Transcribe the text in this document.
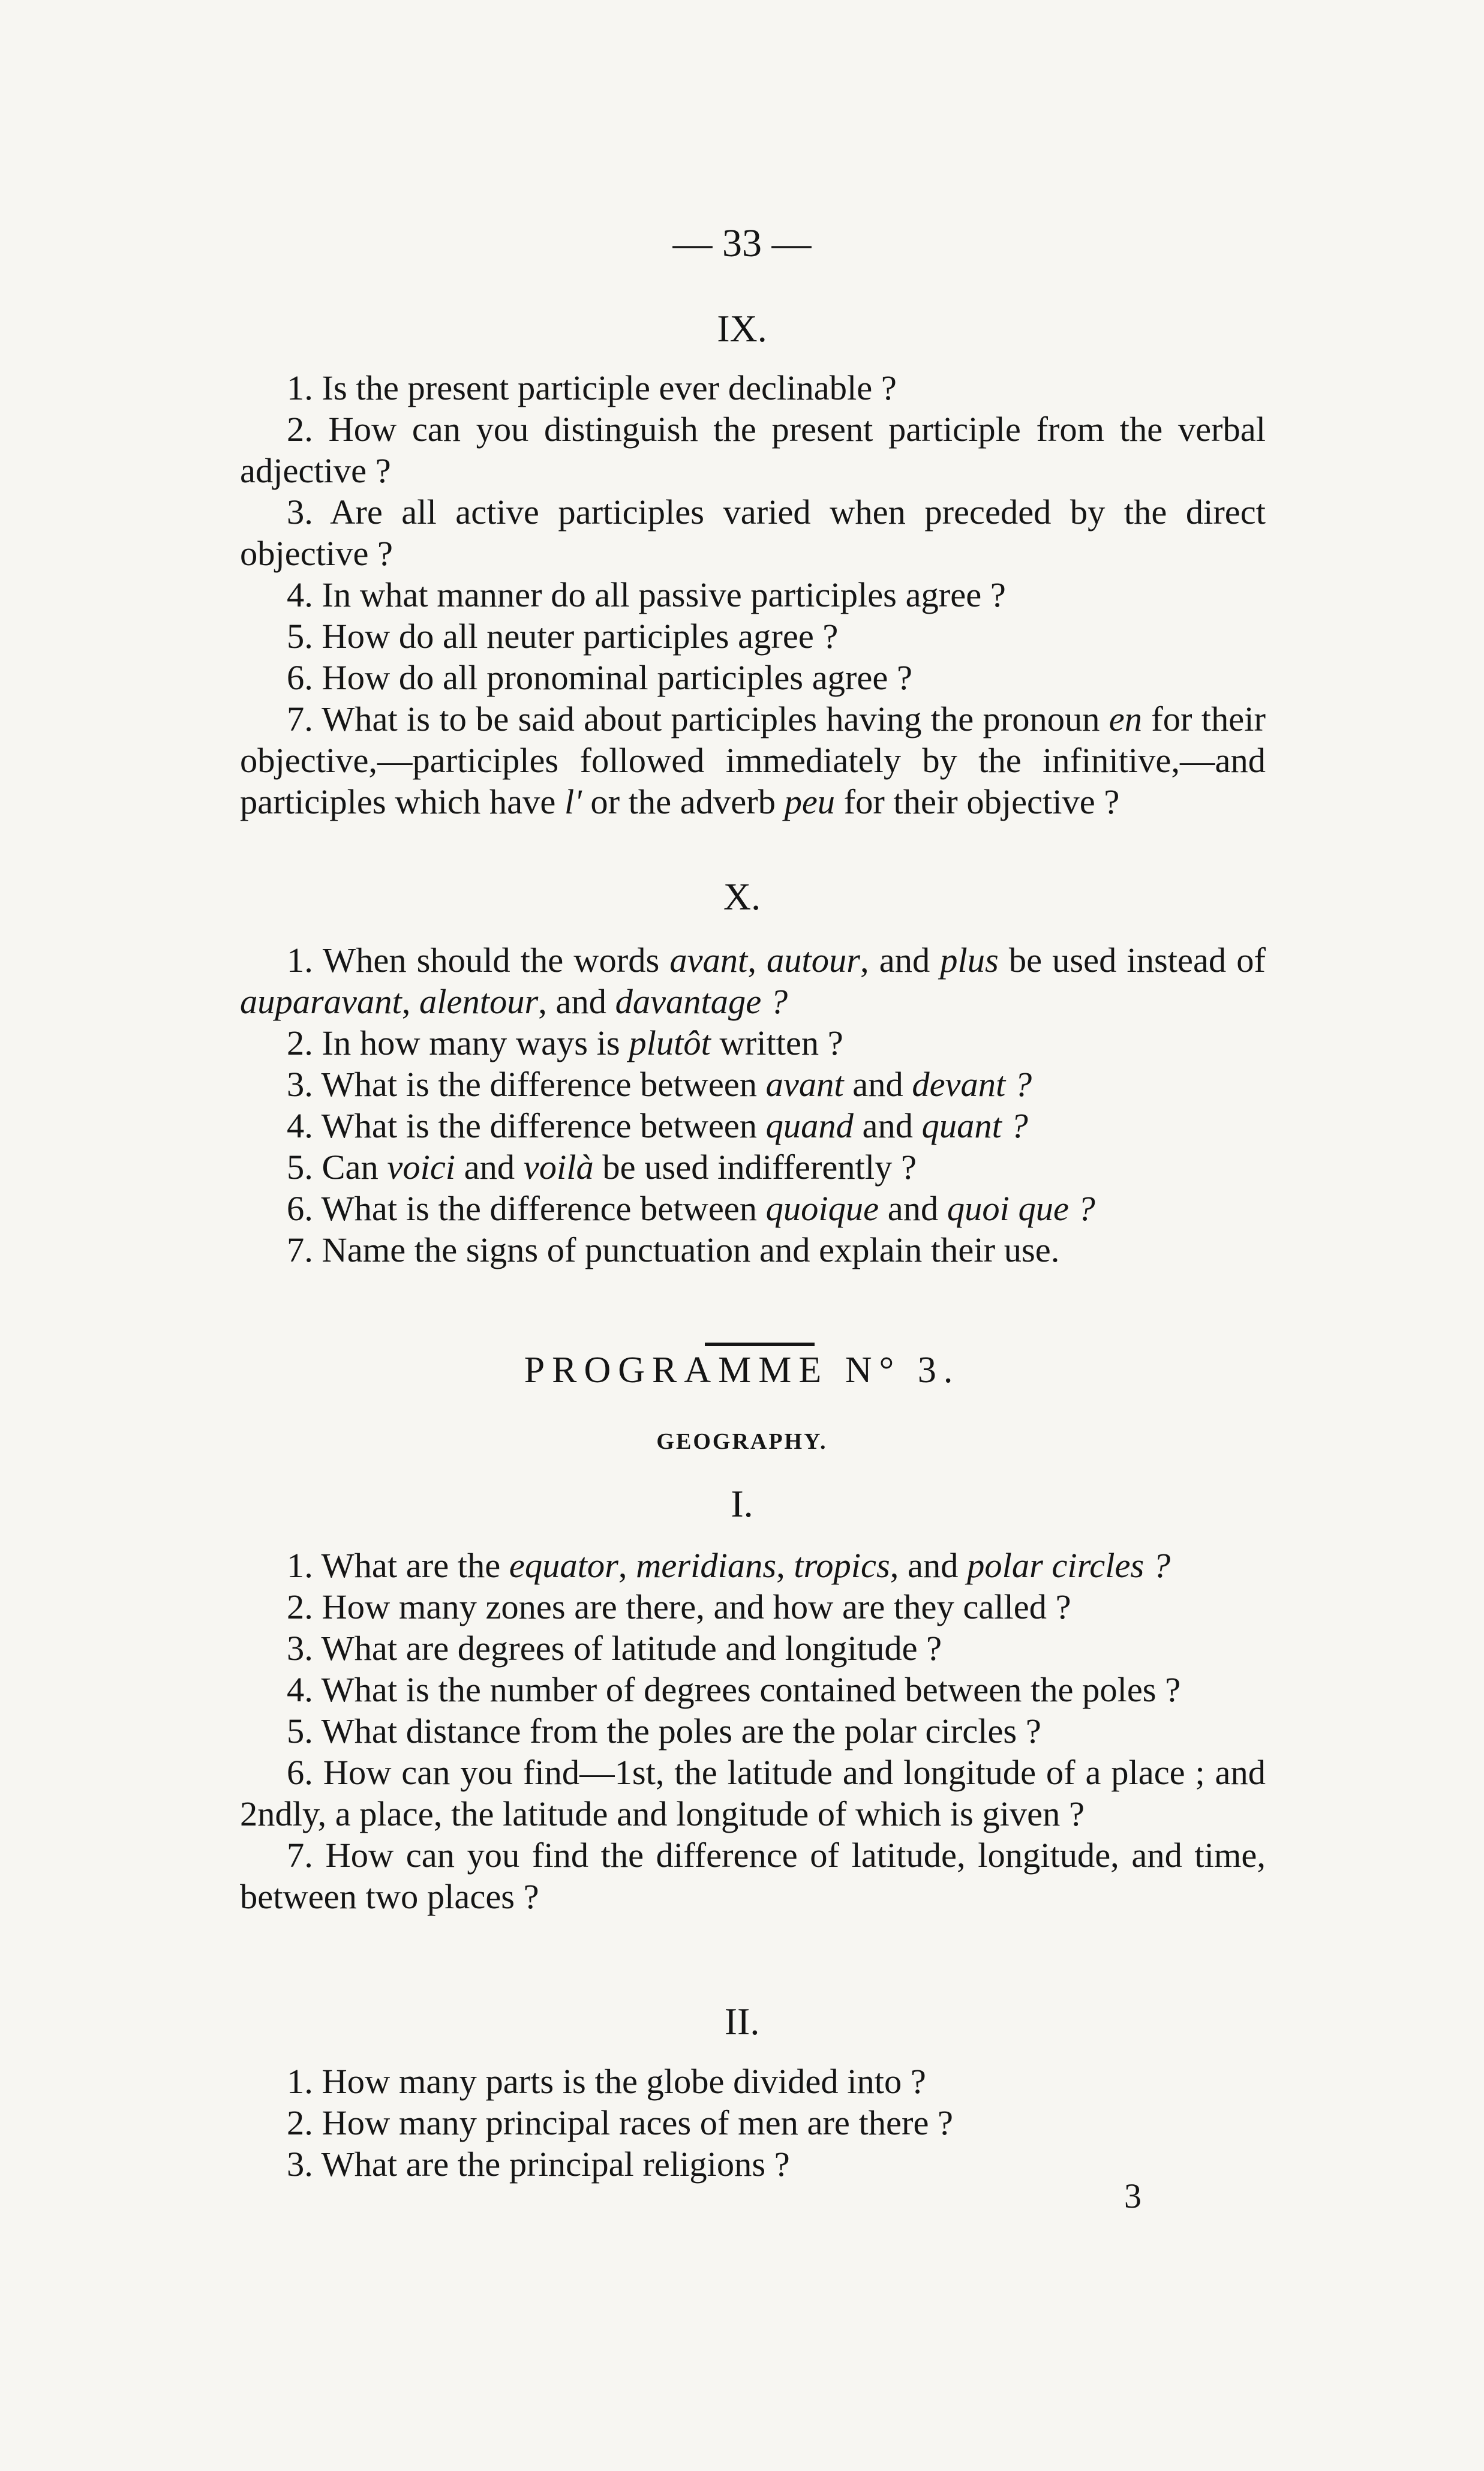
— 33 —
IX.

1. Is the present participle ever declinable ?

2. How can you distinguish the present participle from the verbal adjective ?

3. Are all active participles varied when preceded by the direct objective ?

4. In what manner do all passive participles agree ?

5. How do all neuter participles agree ?

6. How do all pronominal participles agree ?

7. What is to be said about participles having the pronoun en for their objective,—participles followed immediately by the infinitive,—and participles which have l' or the adverb peu for their objective ?

X.

1. When should the words avant, autour, and plus be used instead of auparavant, alentour, and davantage ?

2. In how many ways is plutôt written ?

3. What is the difference between avant and devant ?

4. What is the difference between quand and quant ?

5. Can voici and voilà be used indifferently ?

6. What is the difference between quoique and quoi que ?

7. Name the signs of punctuation and explain their use.

PROGRAMME N° 3.
GEOGRAPHY.
I.

1. What are the equator, meridians, tropics, and polar circles ?

2. How many zones are there, and how are they called ?

3. What are degrees of latitude and longitude ?

4. What is the number of degrees contained between the poles ?

5. What distance from the poles are the polar circles ?

6. How can you find—1st, the latitude and longitude of a place ; and 2ndly, a place, the latitude and longitude of which is given ?

7. How can you find the difference of latitude, longitude, and time, between two places ?

II.

1. How many parts is the globe divided into ?

2. How many principal races of men are there ?

3. What are the principal religions ?

3
